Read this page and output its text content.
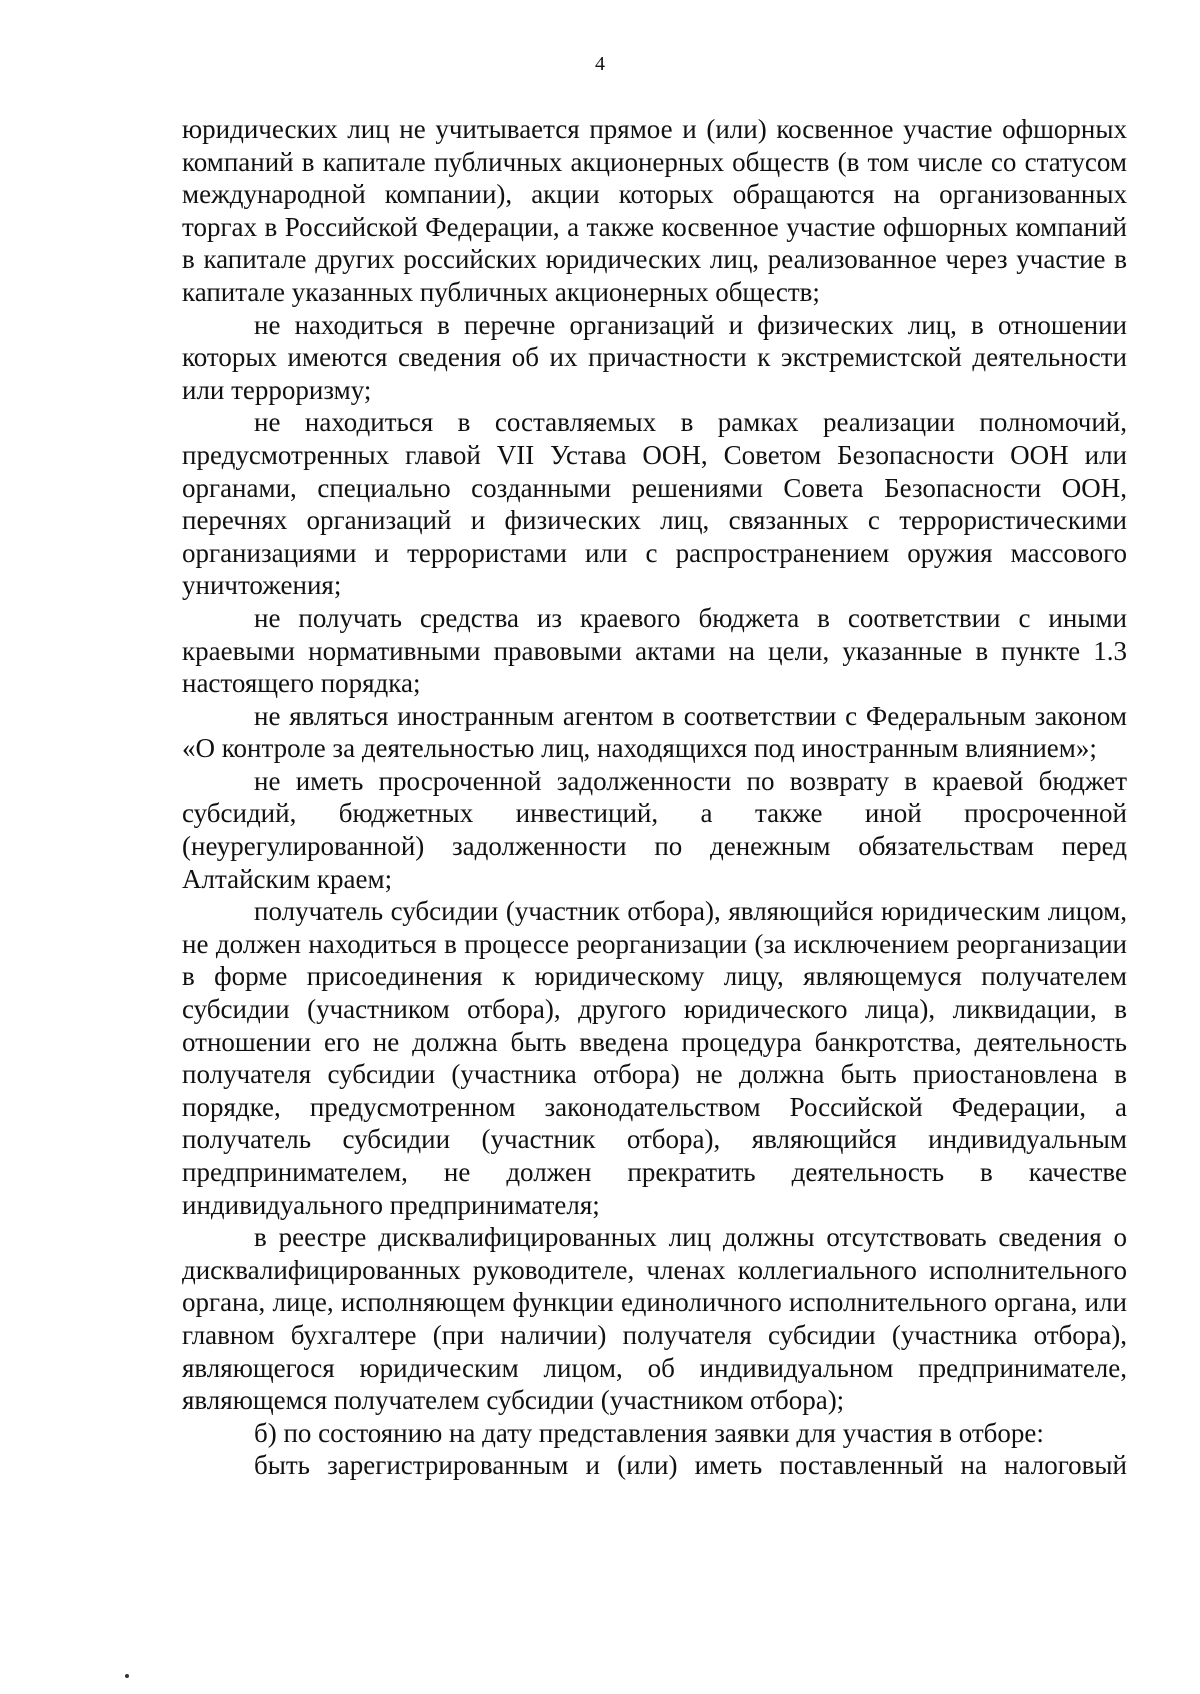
4

юридических лиц не учитывается прямое и (или) косвенное участие офшорных компаний в капитале публичных акционерных обществ (в том числе со статусом международной компании), акции которых обращаются на организованных торгах в Российской Федерации, а также косвенное участие офшорных компаний в капитале других российских юридических лиц, реализованное через участие в капитале указанных публичных акционерных обществ;

не находиться в перечне организаций и физических лиц, в отношении которых имеются сведения об их причастности к экстремистской деятельности или терроризму;

не находиться в составляемых в рамках реализации полномочий, предусмотренных главой VII Устава ООН, Советом Безопасности ООН или органами, специально созданными решениями Совета Безопасности ООН, перечнях организаций и физических лиц, связанных с террористическими организациями и террористами или с распространением оружия массового уничтожения;

не получать средства из краевого бюджета в соответствии с иными краевыми нормативными правовыми актами на цели, указанные в пункте 1.3 настоящего порядка;

не являться иностранным агентом в соответствии с Федеральным законом «О контроле за деятельностью лиц, находящихся под иностранным влиянием»;

не иметь просроченной задолженности по возврату в краевой бюджет субсидий, бюджетных инвестиций, а также иной просроченной (неурегулированной) задолженности по денежным обязательствам перед Алтайским краем;

получатель субсидии (участник отбора), являющийся юридическим лицом, не должен находиться в процессе реорганизации (за исключением реорганизации в форме присоединения к юридическому лицу, являющемуся получателем субсидии (участником отбора), другого юридического лица), ликвидации, в отношении его не должна быть введена процедура банкротства, деятельность получателя субсидии (участника отбора) не должна быть приостановлена в порядке, предусмотренном законодательством Российской Федерации, а получатель субсидии (участник отбора), являющийся индивидуальным предпринимателем, не должен прекратить деятельность в качестве индивидуального предпринимателя;

в реестре дисквалифицированных лиц должны отсутствовать сведения о дисквалифицированных руководителе, членах коллегиального исполнительного органа, лице, исполняющем функции единоличного исполнительного органа, или главном бухгалтере (при наличии) получателя субсидии (участника отбора), являющегося юридическим лицом, об индивидуальном предпринимателе, являющемся получателем субсидии (участником отбора);

б) по состоянию на дату представления заявки для участия в отборе:

быть зарегистрированным и (или) иметь поставленный на налоговый
